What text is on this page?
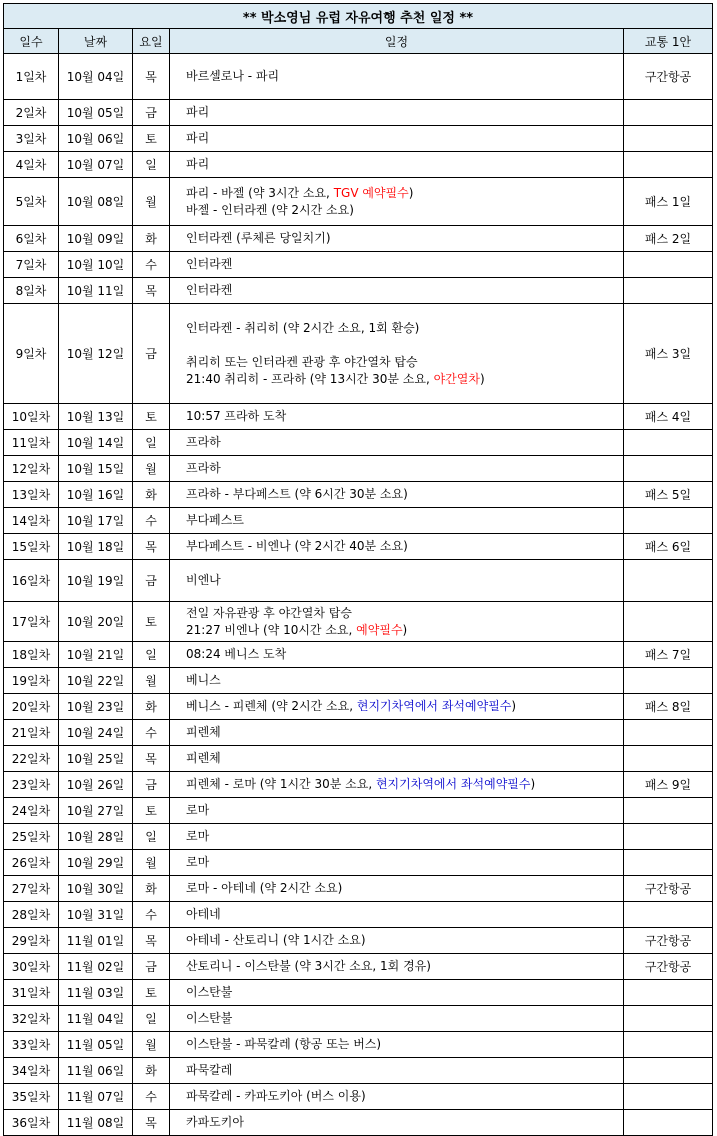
** 박소영님 유럽 자유여행 추천 일정 **				
일수	날짜	요일	일정	교통 1안
1일차	10월 04일	목	바르셀로나 - 파리	구간항공
2일차	10월 05일	금	파리	

3일차	10월 06일	토	파리	

4일차	10월 07일	일	파리	

5일차	10월 08일	월	파리 - 바젤 (약 3시간 소요, TGV 예약필수)
바젤 - 인터라켄 (약 2시간 소요)	패스 1일
6일차	10월 09일	화	인터라켄 (루체른 당일치기)	패스 2일
7일차	10월 10일	수	인터라켄	

8일차	10월 11일	목	인터라켄	

9일차	10월 12일	금	인터라켄 - 취리히 (약 2시간 소요, 1회 환승)
취리히 또는 인터라켄 관광 후 야간열차 탑승
21:40 취리히 - 프라하 (약 13시간 30분 소요, 야간열차)	패스 3일
10일차	10월 13일	토	10:57 프라하 도착	패스 4일
11일차	10월 14일	일	프라하	

12일차	10월 15일	월	프라하	

13일차	10월 16일	화	프라하 - 부다페스트 (약 6시간 30분 소요)	패스 5일
14일차	10월 17일	수	부다페스트	

15일차	10월 18일	목	부다페스트 - 비엔나 (약 2시간 40분 소요)	패스 6일
16일차	10월 19일	금	비엔나	

17일차	10월 20일	토	전일 자유관광 후 야간열차 탑승
21:27 비엔나 (약 10시간 소요, 예약필수)	

18일차	10월 21일	일	08:24 베니스 도착	패스 7일
19일차	10월 22일	월	베니스	

20일차	10월 23일	화	베니스 - 피렌체 (약 2시간 소요, 현지기차역에서 좌석예약필수)	패스 8일
21일차	10월 24일	수	피렌체	

22일차	10월 25일	목	피렌체	

23일차	10월 26일	금	피렌체 - 로마 (약 1시간 30분 소요, 현지기차역에서 좌석예약필수)	패스 9일
24일차	10월 27일	토	로마	

25일차	10월 28일	일	로마	

26일차	10월 29일	월	로마	

27일차	10월 30일	화	로마 - 아테네 (약 2시간 소요)	구간항공
28일차	10월 31일	수	아테네	

29일차	11월 01일	목	아테네 - 산토리니 (약 1시간 소요)	구간항공
30일차	11월 02일	금	산토리니 - 이스탄불 (약 3시간 소요, 1회 경유)	구간항공
31일차	11월 03일	토	이스탄불	

32일차	11월 04일	일	이스탄불	

33일차	11월 05일	월	이스탄불 - 파묵칼레 (항공 또는 버스)	

34일차	11월 06일	화	파묵칼레	

35일차	11월 07일	수	파묵칼레 - 카파도키아 (버스 이용)	

36일차	11월 08일	목	카파도키아	
